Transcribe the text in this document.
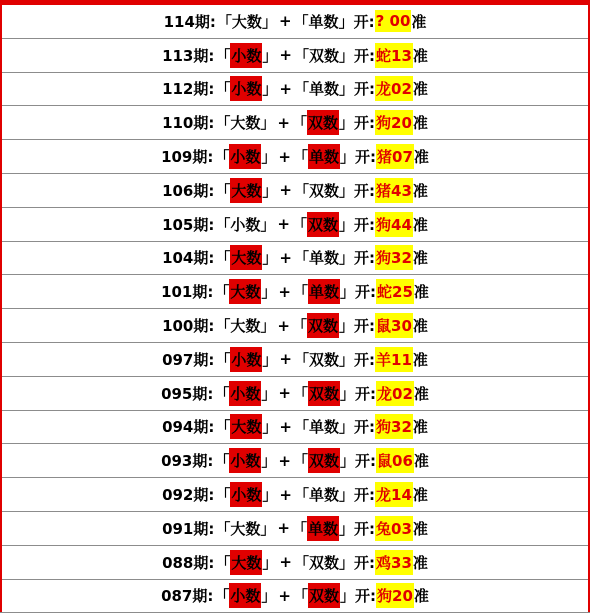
114期: 「大数」 + 「单数」 开: ? 00 准
113期: 「小数」 + 「双数」 开: 蛇13 准
112期: 「小数」 + 「单数」 开: 龙02 准
110期: 「大数」 + 「双数」 开: 狗20 准
109期: 「小数」 + 「单数」 开: 猪07 准
106期: 「大数」 + 「双数」 开: 猪43 准
105期: 「小数」 + 「双数」 开: 狗44 准
104期: 「大数」 + 「单数」 开: 狗32 准
101期: 「大数」 + 「单数」 开: 蛇25 准
100期: 「大数」 + 「双数」 开: 鼠30 准
097期: 「小数」 + 「双数」 开: 羊11 准
095期: 「小数」 + 「双数」 开: 龙02 准
094期: 「大数」 + 「单数」 开: 狗32 准
093期: 「小数」 + 「双数」 开: 鼠06 准
092期: 「小数」 + 「单数」 开: 龙14 准
091期: 「大数」 + 「单数」 开: 兔03 准
088期: 「大数」 + 「双数」 开: 鸡33 准
087期: 「小数」 + 「双数」 开: 狗20 准
